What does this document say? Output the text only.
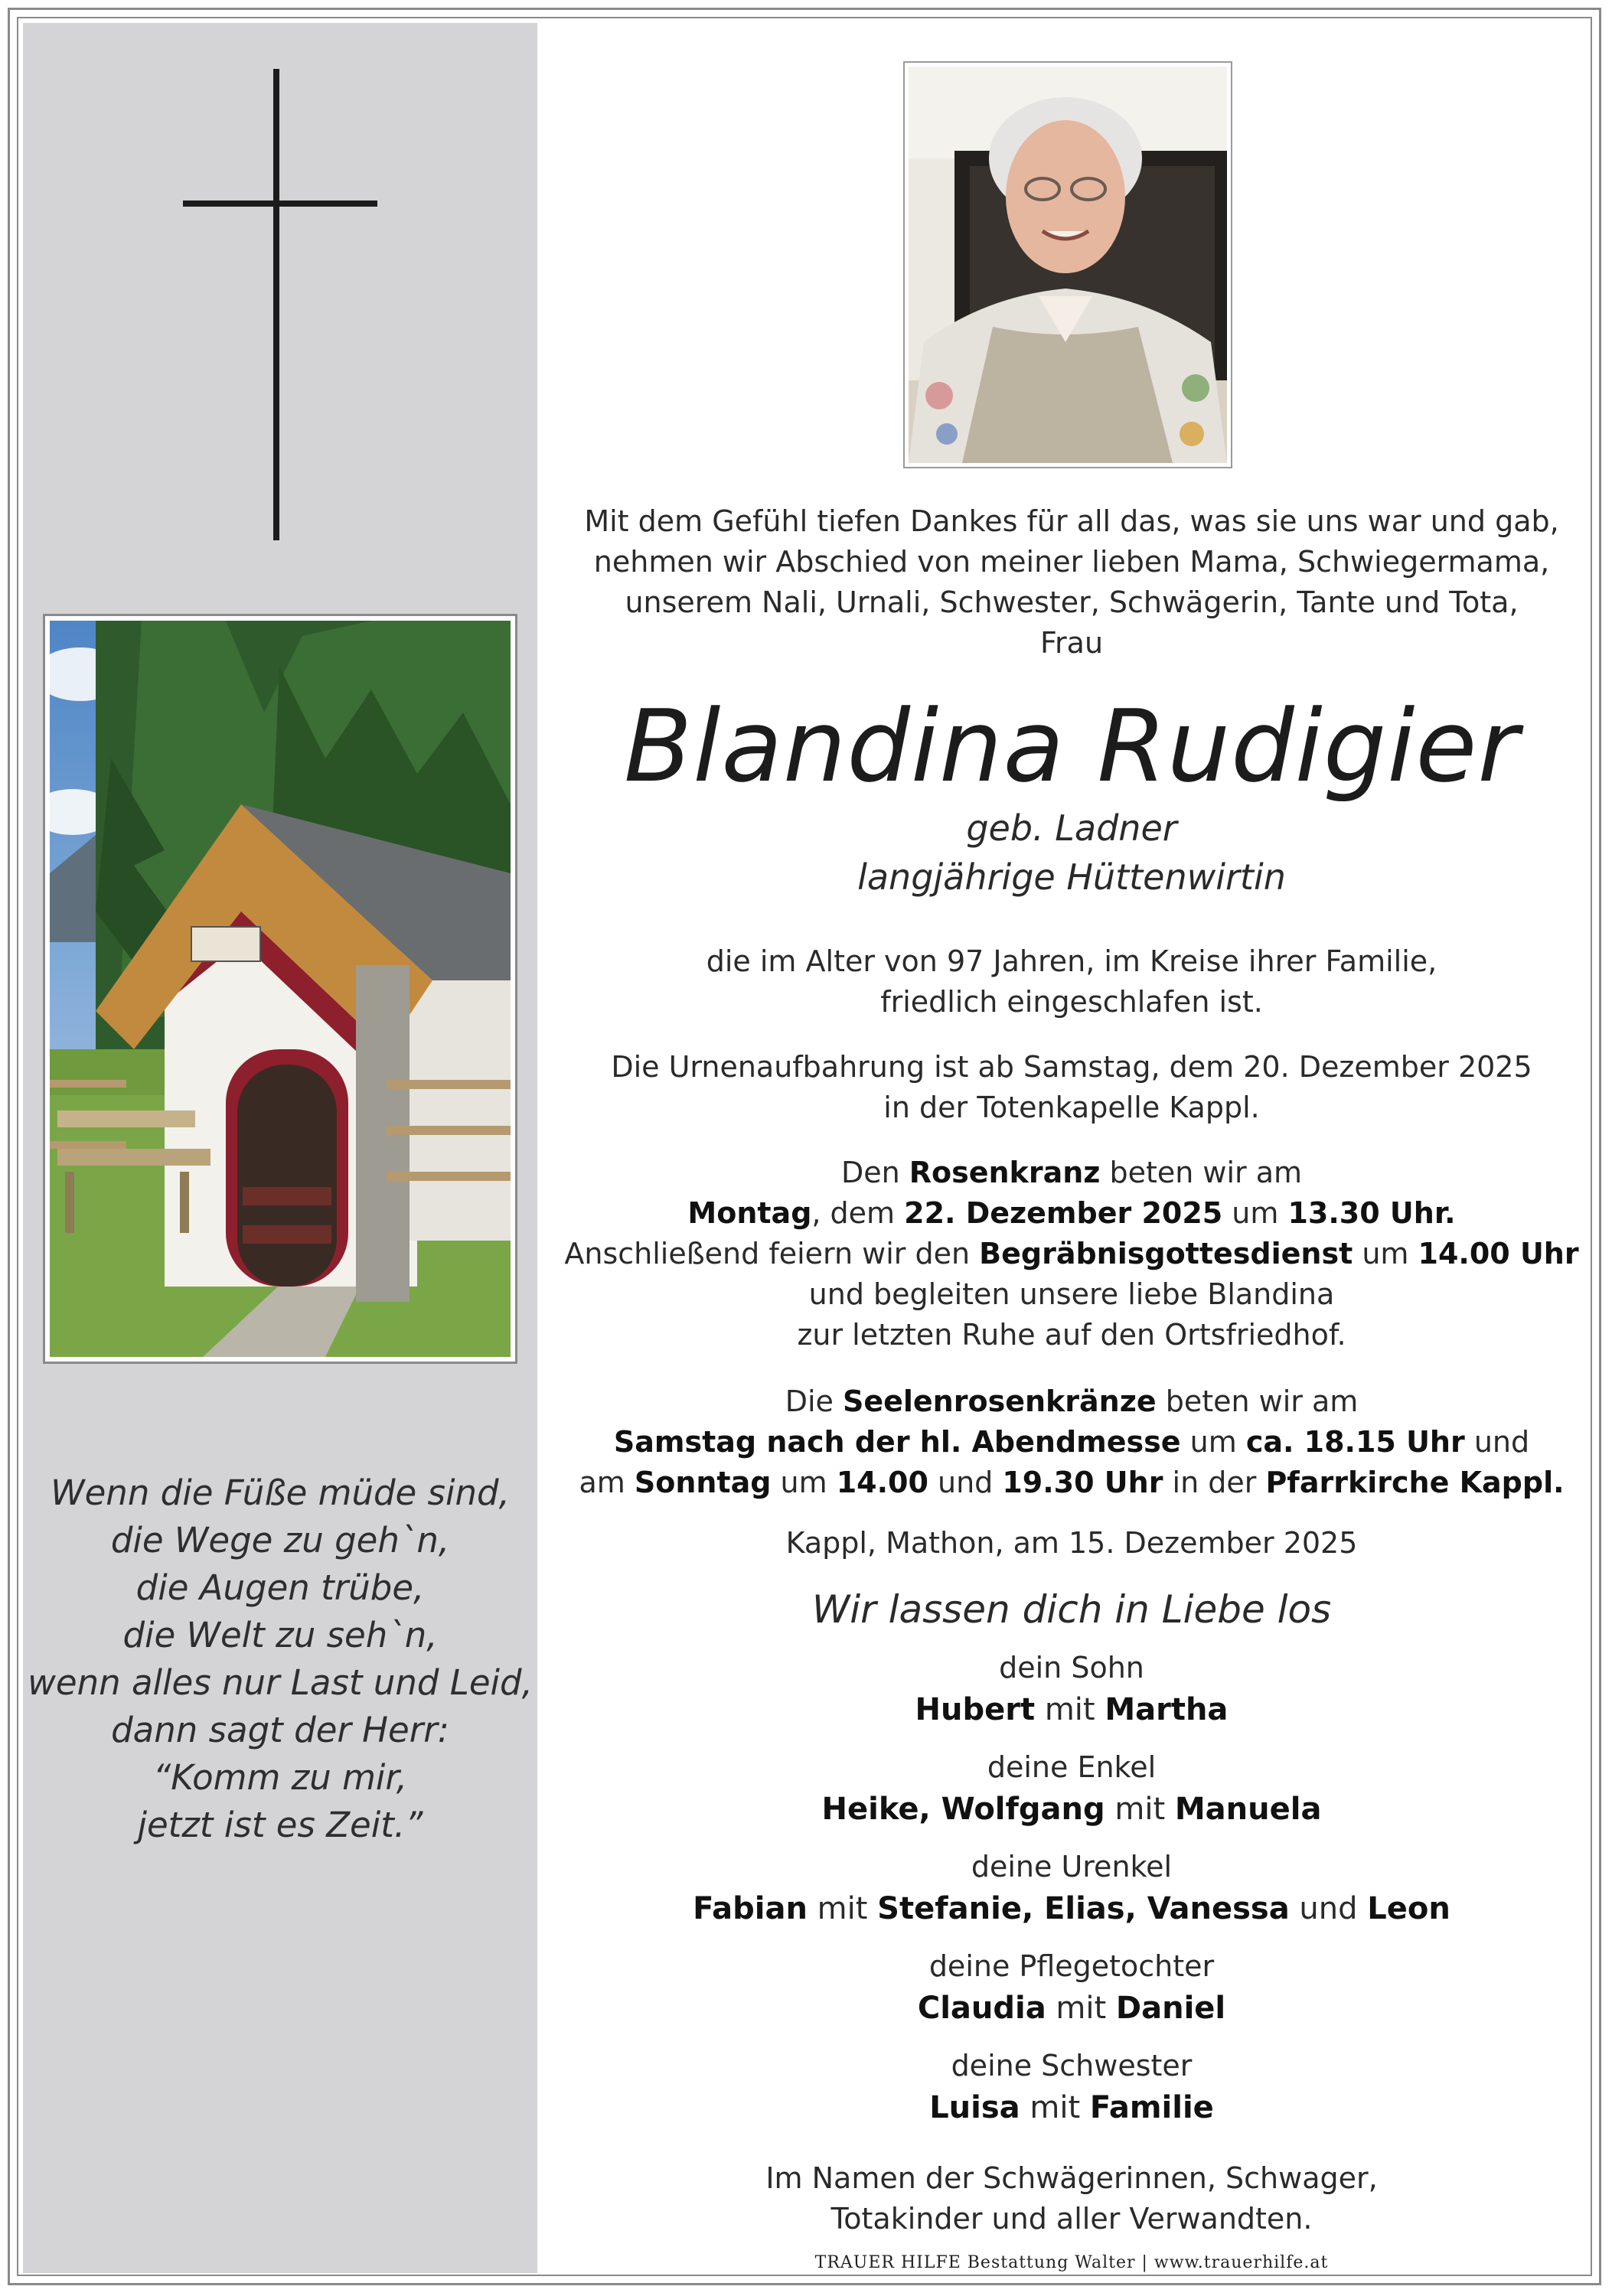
Wenn die Füße müde sind,
die Wege zu geh`n,
die Augen trübe,
die Welt zu seh`n,
wenn alles nur Last und Leid,
dann sagt der Herr:
“Komm zu mir,
jetzt ist es Zeit.”
Mit dem Gefühl tiefen Dankes für all das, was sie uns war und gab,
nehmen wir Abschied von meiner lieben Mama, Schwiegermama,
unserem Nali, Urnali, Schwester, Schwägerin, Tante und Tota,
Frau
Blandina Rudigier
geb. Ladner
langjährige Hüttenwirtin
die im Alter von 97 Jahren, im Kreise ihrer Familie,
friedlich eingeschlafen ist.
Die Urnenaufbahrung ist ab Samstag, dem 20. Dezember 2025
in der Totenkapelle Kappl.
Den Rosenkranz beten wir am
Montag, dem 22. Dezember 2025 um 13.30 Uhr.
Anschließend feiern wir den Begräbnisgottesdienst um 14.00 Uhr
und begleiten unsere liebe Blandina
zur letzten Ruhe auf den Ortsfriedhof.
Die Seelenrosenkränze beten wir am
Samstag nach der hl. Abendmesse um ca. 18.15 Uhr und
am Sonntag um 14.00 und 19.30 Uhr in der Pfarrkirche Kappl.
Kappl, Mathon, am 15. Dezember 2025
Wir lassen dich in Liebe los
dein Sohn
Hubert mit Martha
deine Enkel
Heike, Wolfgang mit Manuela
deine Urenkel
Fabian mit Stefanie, Elias, Vanessa und Leon
deine Pflegetochter
Claudia mit Daniel
deine Schwester
Luisa mit Familie
Im Namen der Schwägerinnen, Schwager,
Totakinder und aller Verwandten.
TRAUER HILFE Bestattung Walter | www.trauerhilfe.at
